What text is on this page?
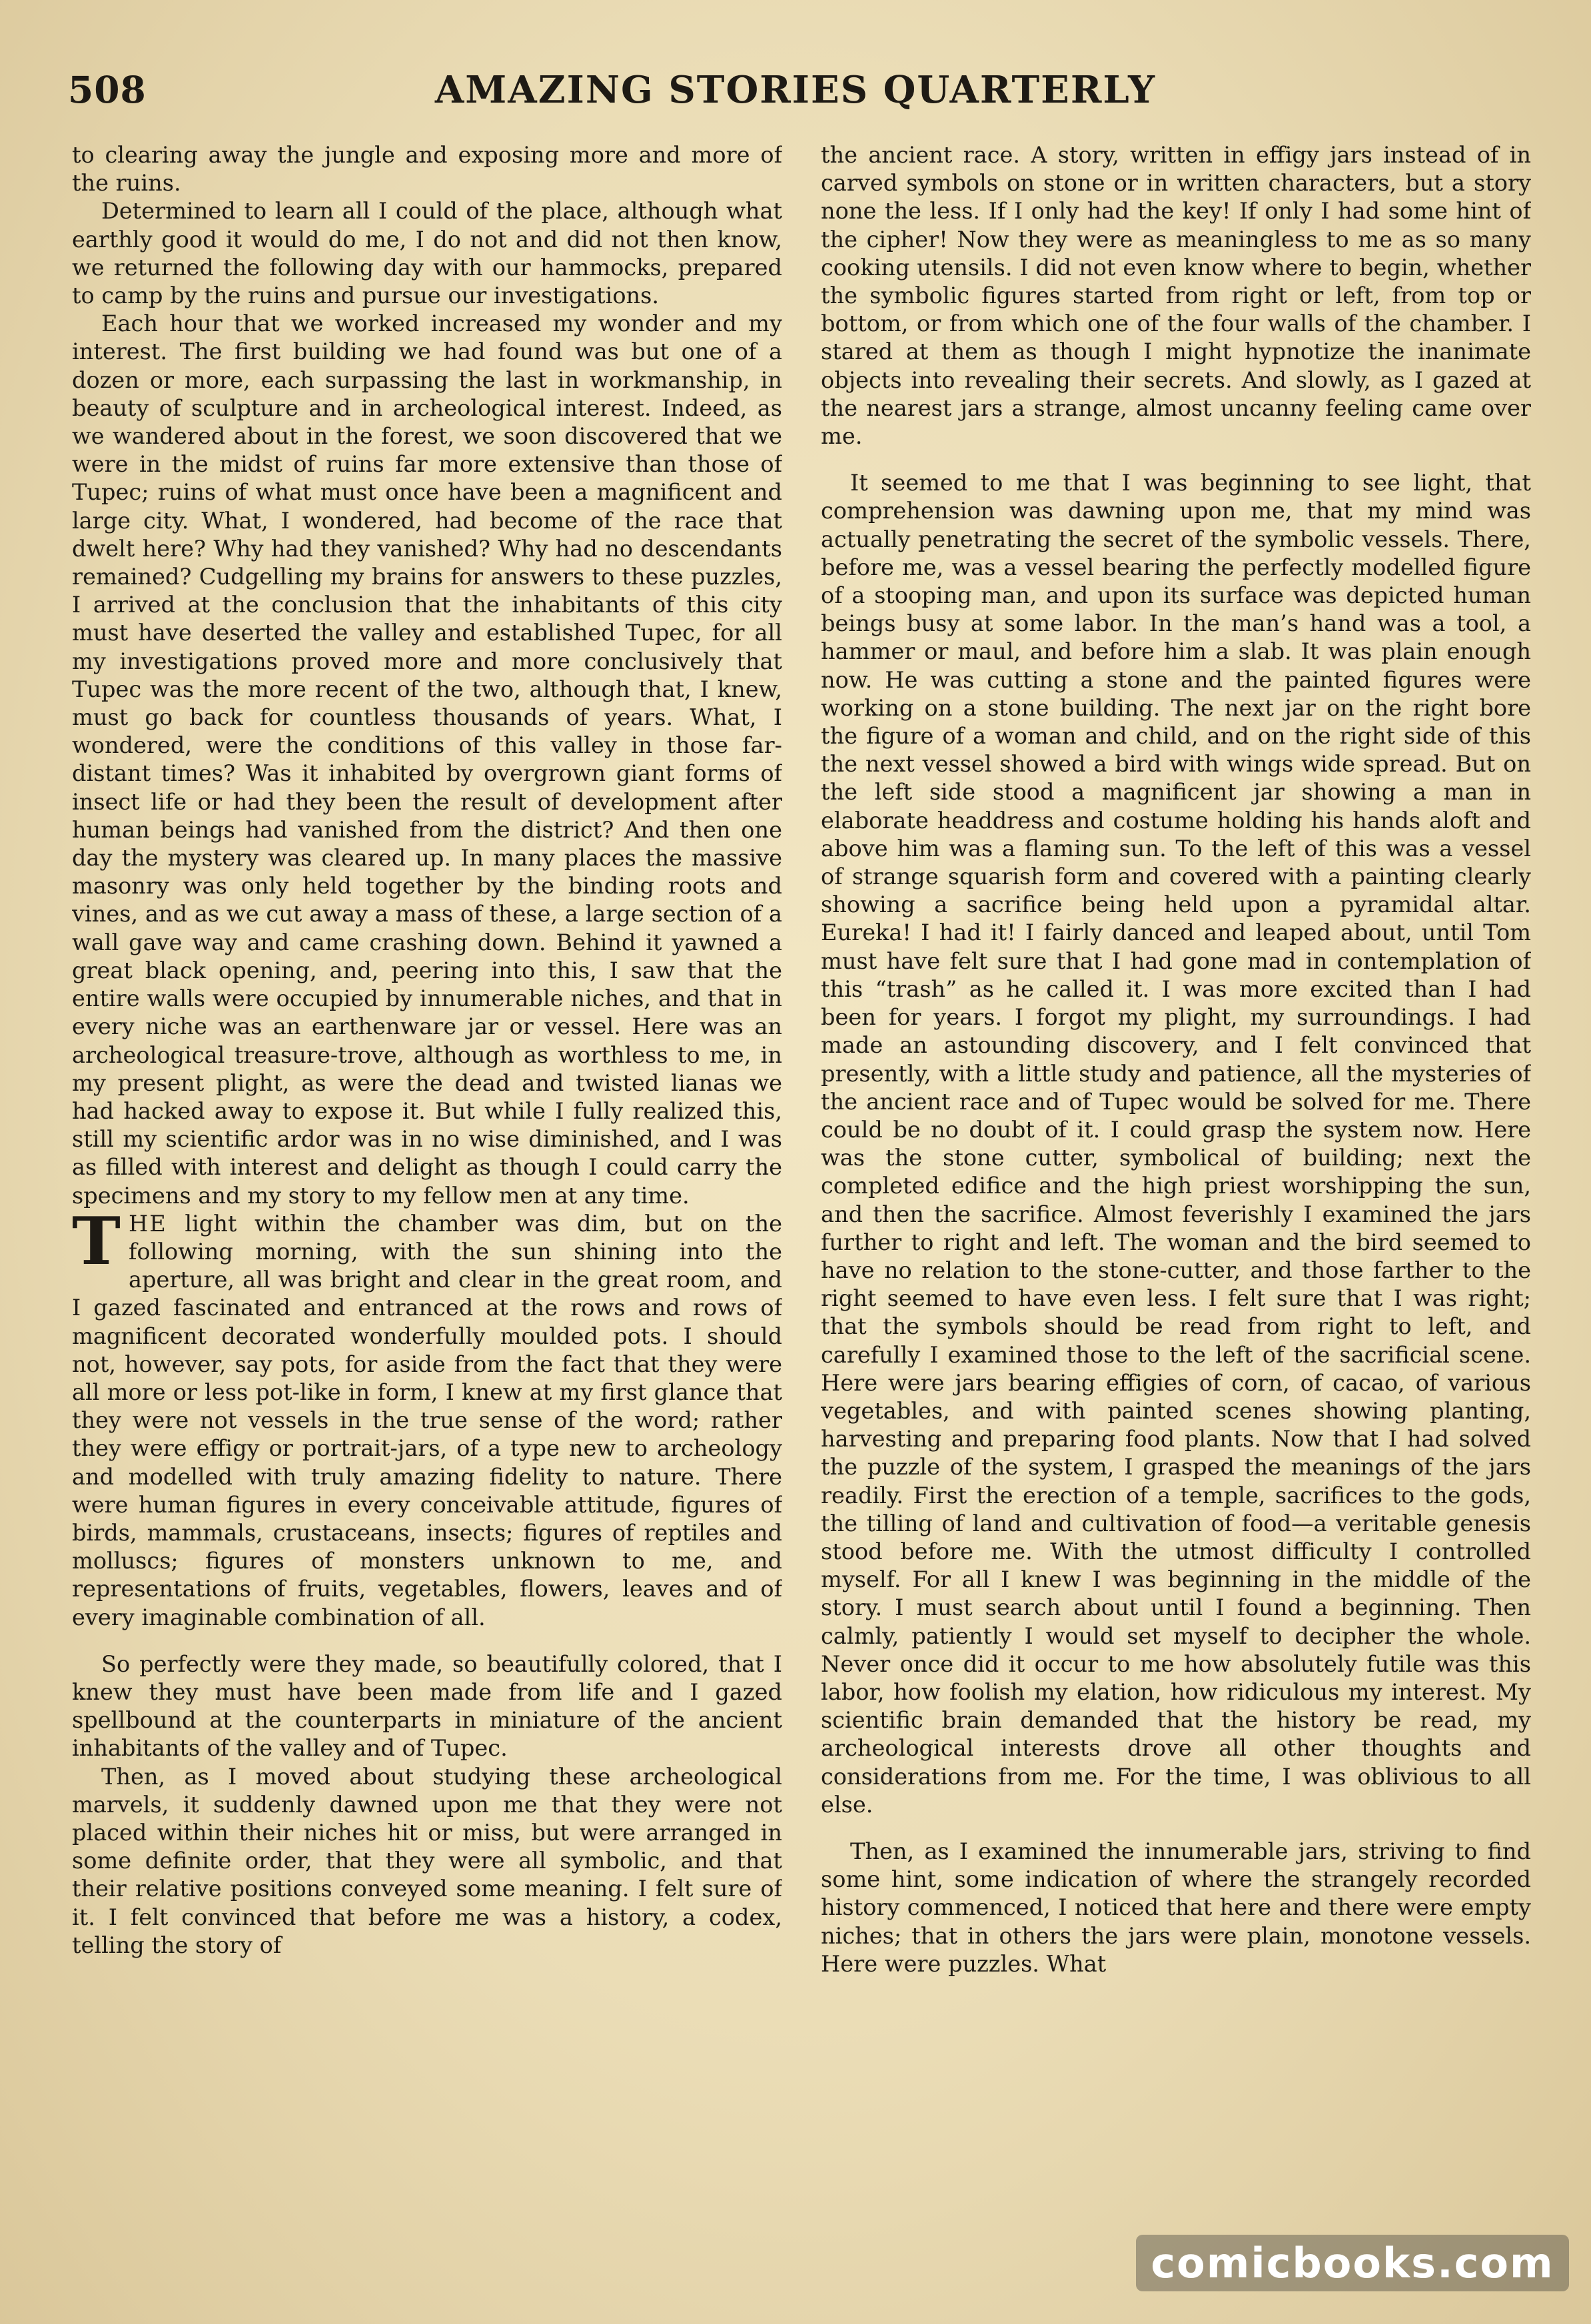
508	AMAZING STORIES QUARTERLY

to clearing away the jungle and exposing more and more of the ruins.

Determined to learn all I could of the place, although what earthly good it would do me, I do not and did not then know, we returned the following day with our hammocks, prepared to camp by the ruins and pursue our investigations.

Each hour that we worked increased my wonder and my interest. The first building we had found was but one of a dozen or more, each surpassing the last in workmanship, in beauty of sculpture and in archeological interest. Indeed, as we wandered about in the forest, we soon discovered that we were in the midst of ruins far more extensive than those of Tupec; ruins of what must once have been a magnificent and large city. What, I wondered, had become of the race that dwelt here? Why had they vanished? Why had no descendants remained? Cudgelling my brains for answers to these puzzles, I arrived at the conclusion that the inhabitants of this city must have deserted the valley and established Tupec, for all my investigations proved more and more conclusively that Tupec was the more recent of the two, although that, I knew, must go back for countless thousands of years. What, I wondered, were the conditions of this valley in those far-distant times? Was it inhabited by overgrown giant forms of insect life or had they been the result of development after human beings had vanished from the district? And then one day the mystery was cleared up. In many places the massive masonry was only held together by the binding roots and vines, and as we cut away a mass of these, a large section of a wall gave way and came crashing down. Behind it yawned a great black opening, and, peering into this, I saw that the entire walls were occupied by innumerable niches, and that in every niche was an earthenware jar or vessel. Here was an archeological treasure-trove, although as worthless to me, in my present plight, as were the dead and twisted lianas we had hacked away to expose it. But while I fully realized this, still my scientific ardor was in no wise diminished, and I was as filled with interest and delight as though I could carry the specimens and my story to my fellow men at any time.

THE light within the chamber was dim, but on the following morning, with the sun shining into the aperture, all was bright and clear in the great room, and I gazed fascinated and entranced at the rows and rows of magnificent decorated wonderfully moulded pots. I should not, however, say pots, for aside from the fact that they were all more or less pot-like in form, I knew at my first glance that they were not vessels in the true sense of the word; rather they were effigy or portrait-jars, of a type new to archeology and modelled with truly amazing fidelity to nature. There were human figures in every conceivable attitude, figures of birds, mammals, crustaceans, insects; figures of reptiles and molluscs; figures of monsters unknown to me, and representations of fruits, vegetables, flowers, leaves and of every imaginable combination of all.

So perfectly were they made, so beautifully colored, that I knew they must have been made from life and I gazed spellbound at the counterparts in miniature of the ancient inhabitants of the valley and of Tupec.

Then, as I moved about studying these archeological marvels, it suddenly dawned upon me that they were not placed within their niches hit or miss, but were arranged in some definite order, that they were all symbolic, and that their relative positions conveyed some meaning. I felt sure of it. I felt convinced that before me was a history, a codex, telling the story of

the ancient race. A story, written in effigy jars instead of in carved symbols on stone or in written characters, but a story none the less. If I only had the key! If only I had some hint of the cipher! Now they were as meaningless to me as so many cooking utensils. I did not even know where to begin, whether the symbolic figures started from right or left, from top or bottom, or from which one of the four walls of the chamber. I stared at them as though I might hypnotize the inanimate objects into revealing their secrets. And slowly, as I gazed at the nearest jars a strange, almost uncanny feeling came over me.

It seemed to me that I was beginning to see light, that comprehension was dawning upon me, that my mind was actually penetrating the secret of the symbolic vessels. There, before me, was a vessel bearing the perfectly modelled figure of a stooping man, and upon its surface was depicted human beings busy at some labor. In the man’s hand was a tool, a hammer or maul, and before him a slab. It was plain enough now. He was cutting a stone and the painted figures were working on a stone building. The next jar on the right bore the figure of a woman and child, and on the right side of this the next vessel showed a bird with wings wide spread. But on the left side stood a magnificent jar showing a man in elaborate headdress and costume holding his hands aloft and above him was a flaming sun. To the left of this was a vessel of strange squarish form and covered with a painting clearly showing a sacrifice being held upon a pyramidal altar. Eureka! I had it! I fairly danced and leaped about, until Tom must have felt sure that I had gone mad in contemplation of this “trash” as he called it. I was more excited than I had been for years. I forgot my plight, my surroundings. I had made an astounding discovery, and I felt convinced that presently, with a little study and patience, all the mysteries of the ancient race and of Tupec would be solved for me. There could be no doubt of it. I could grasp the system now. Here was the stone cutter, symbolical of building; next the completed edifice and the high priest worshipping the sun, and then the sacrifice. Almost feverishly I examined the jars further to right and left. The woman and the bird seemed to have no relation to the stone-cutter, and those farther to the right seemed to have even less. I felt sure that I was right; that the symbols should be read from right to left, and carefully I examined those to the left of the sacrificial scene. Here were jars bearing effigies of corn, of cacao, of various vegetables, and with painted scenes showing planting, harvesting and preparing food plants. Now that I had solved the puzzle of the system, I grasped the meanings of the jars readily. First the erection of a temple, sacrifices to the gods, the tilling of land and cultivation of food—a veritable genesis stood before me. With the utmost difficulty I controlled myself. For all I knew I was beginning in the middle of the story. I must search about until I found a beginning. Then calmly, patiently I would set myself to decipher the whole. Never once did it occur to me how absolutely futile was this labor, how foolish my elation, how ridiculous my interest. My scientific brain demanded that the history be read, my archeological interests drove all other thoughts and considerations from me. For the time, I was oblivious to all else.

Then, as I examined the innumerable jars, striving to find some hint, some indication of where the strangely recorded history commenced, I noticed that here and there were empty niches; that in others the jars were plain, monotone vessels. Here were puzzles. What

comicbooks.com
